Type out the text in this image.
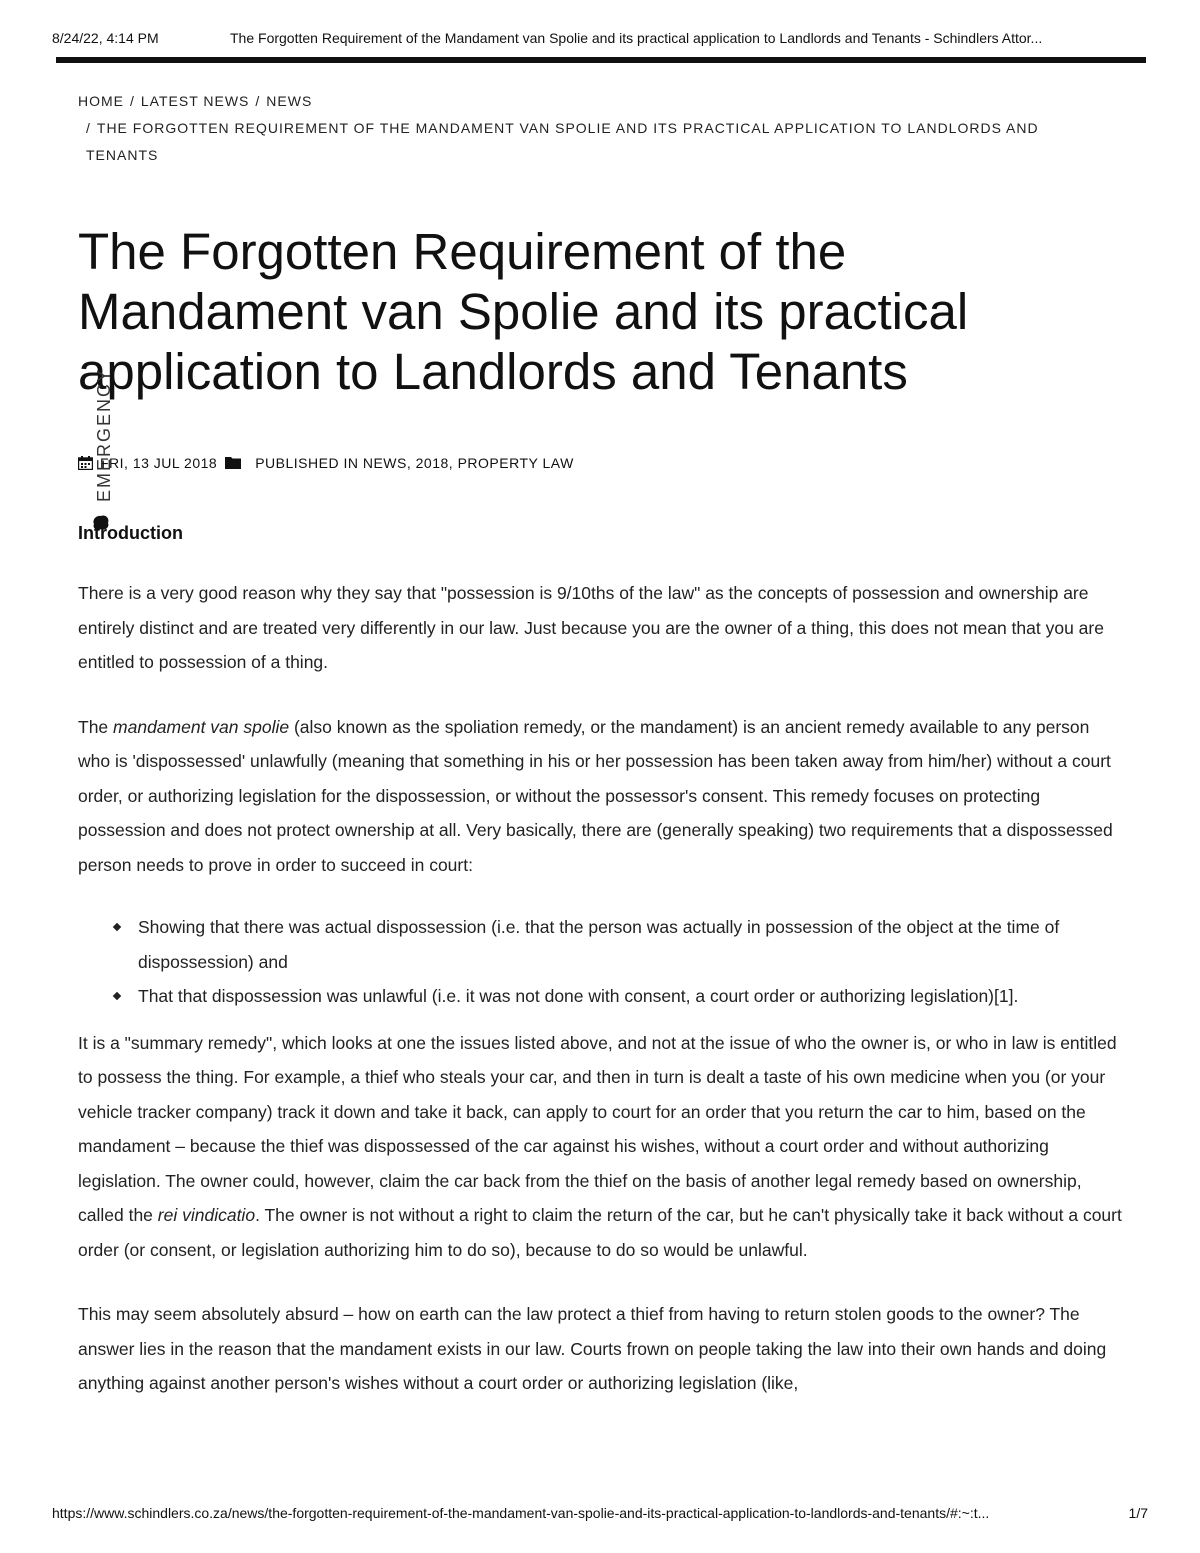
8/24/22, 4:14 PM	The Forgotten Requirement of the Mandament van Spolie and its practical application to Landlords and Tenants - Schindlers Attor...
HOME / LATEST NEWS / NEWS
/ THE FORGOTTEN REQUIREMENT OF THE MANDAMENT VAN SPOLIE AND ITS PRACTICAL APPLICATION TO LANDLORDS AND TENANTS
The Forgotten Requirement of the Mandament van Spolie and its practical application to Landlords and Tenants
EMERGENCY
FRI, 13 JUL 2018	PUBLISHED IN
NEWS , 2018 , PROPERTY LAW
Introduction

There is a very good reason why they say that "possession is 9/10ths of the law" as the concepts of possession and ownership are entirely distinct and are treated very differently in our law. Just because you are the owner of a thing, this does not mean that you are entitled to possession of a thing.

The mandament van spolie (also known as the spoliation remedy, or the mandament) is an ancient remedy available to any person who is 'dispossessed' unlawfully (meaning that something in his or her possession has been taken away from him/her) without a court order, or authorizing legislation for the dispossession, or without the possessor's consent. This remedy focuses on protecting possession and does not protect ownership at all. Very basically, there are (generally speaking) two requirements that a dispossessed person needs to prove in order to succeed in court:

Showing that there was actual dispossession (i.e. that the person was actually in possession of the object at the time of dispossession) and
That that dispossession was unlawful (i.e. it was not done with consent, a court order or authorizing legislation)[1].

It is a "summary remedy", which looks at one the issues listed above, and not at the issue of who the owner is, or who in law is entitled to possess the thing. For example, a thief who steals your car, and then in turn is dealt a taste of his own medicine when you (or your vehicle tracker company) track it down and take it back, can apply to court for an order that you return the car to him, based on the mandament – because the thief was dispossessed of the car against his wishes, without a court order and without authorizing legislation. The owner could, however, claim the car back from the thief on the basis of another legal remedy based on ownership, called the rei vindicatio. The owner is not without a right to claim the return of the car, but he can't physically take it back without a court order (or consent, or legislation authorizing him to do so), because to do so would be unlawful.

This may seem absolutely absurd – how on earth can the law protect a thief from having to return stolen goods to the owner? The answer lies in the reason that the mandament exists in our law. Courts frown on people taking the law into their own hands and doing anything against another person's wishes without a court order or authorizing legislation (like,

https://www.schindlers.co.za/news/the-forgotten-requirement-of-the-mandament-van-spolie-and-its-practical-application-to-landlords-and-tenants/#:~:t...	1/7
